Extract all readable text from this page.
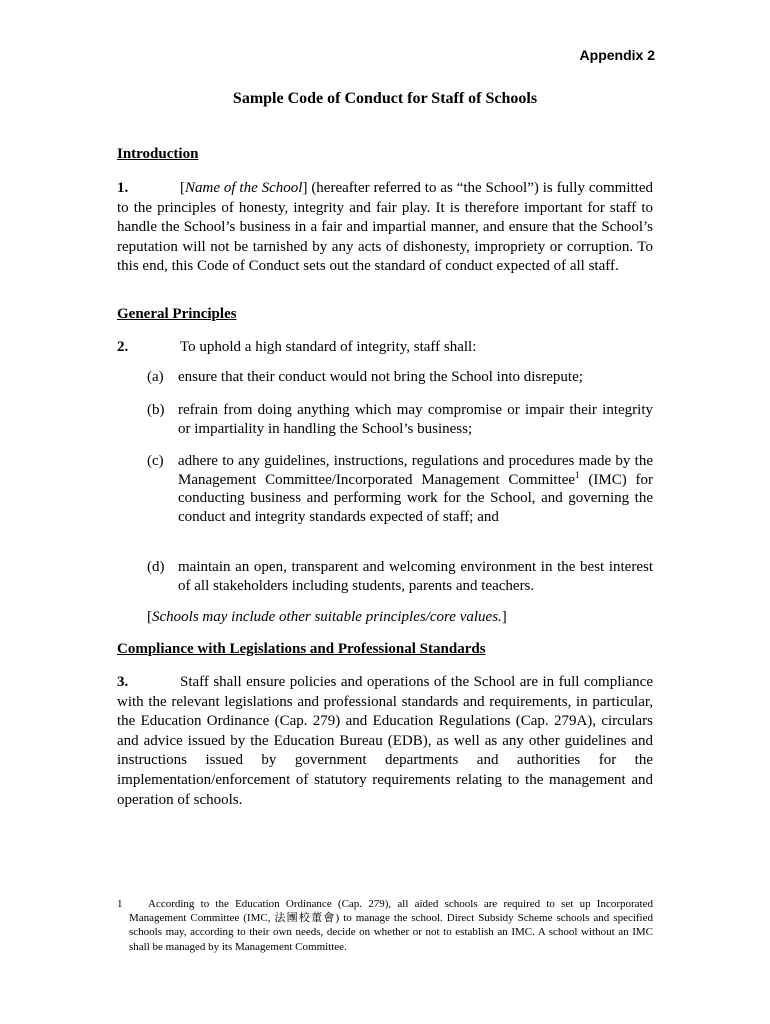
Appendix 2
Sample Code of Conduct for Staff of Schools
Introduction
1.	[Name of the School] (hereafter referred to as “the School”) is fully committed to the principles of honesty, integrity and fair play. It is therefore important for staff to handle the School’s business in a fair and impartial manner, and ensure that the School’s reputation will not be tarnished by any acts of dishonesty, impropriety or corruption. To this end, this Code of Conduct sets out the standard of conduct expected of all staff.
General Principles
2.	To uphold a high standard of integrity, staff shall:
(a) ensure that their conduct would not bring the School into disrepute;
(b) refrain from doing anything which may compromise or impair their integrity or impartiality in handling the School’s business;
(c) adhere to any guidelines, instructions, regulations and procedures made by the Management Committee/Incorporated Management Committee$^1$ (IMC) for conducting business and performing work for the School, and governing the conduct and integrity standards expected of staff; and
(d) maintain an open, transparent and welcoming environment in the best interest of all stakeholders including students, parents and teachers.
[Schools may include other suitable principles/core values.]
Compliance with Legislations and Professional Standards
3.	Staff shall ensure policies and operations of the School are in full compliance with the relevant legislations and professional standards and requirements, in particular, the Education Ordinance (Cap. 279) and Education Regulations (Cap. 279A), circulars and advice issued by the Education Bureau (EDB), as well as any other guidelines and instructions issued by government departments and authorities for the implementation/enforcement of statutory requirements relating to the management and operation of schools.
1	According to the Education Ordinance (Cap. 279), all aided schools are required to set up Incorporated Management Committee (IMC, 法團校董會) to manage the school. Direct Subsidy Scheme schools and specified schools may, according to their own needs, decide on whether or not to establish an IMC. A school without an IMC shall be managed by its Management Committee.
